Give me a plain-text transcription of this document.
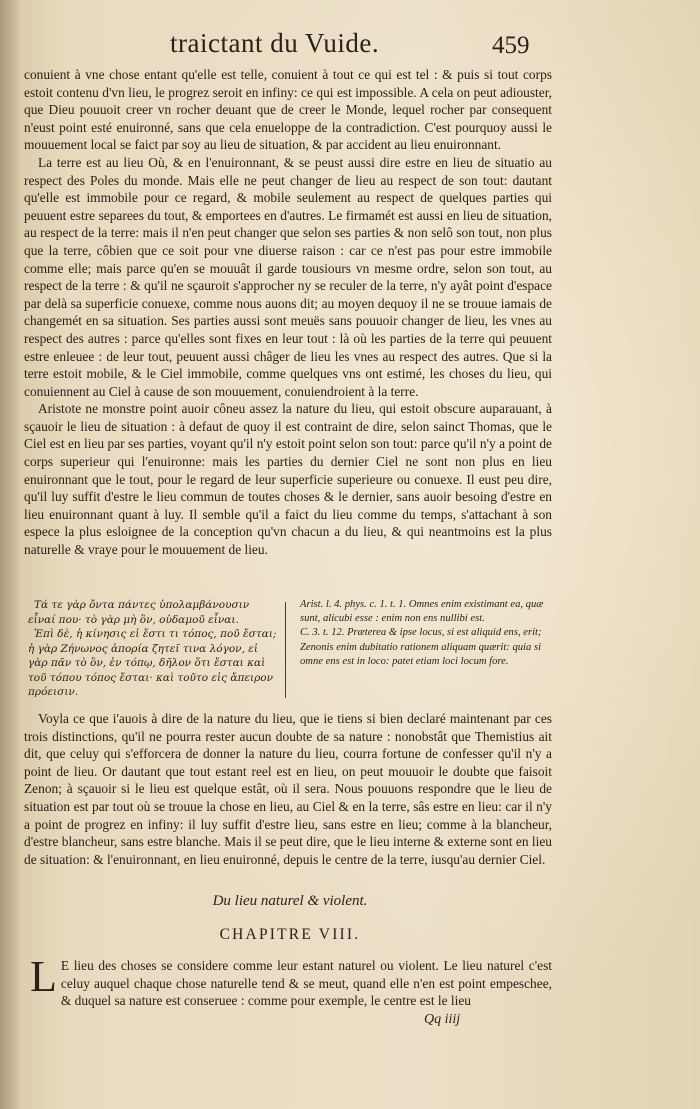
traictant du Vuide.	459

conuient à vne chose entant qu'elle est telle, conuient à tout ce qui est tel : & puis si tout corps estoit contenu d'vn lieu, le progrez seroit en infiny: ce qui est impossible. A cela on peut adiouster, que Dieu pouuoit creer vn rocher deuant que de creer le Monde, lequel rocher par consequent n'eust point esté enuironné, sans que cela enueloppe de la contradiction. C'est pourquoy aussi le mouuement local se faict par soy au lieu de situation, & par accident au lieu enuironnant.

La terre est au lieu Où, & en l'enuironnant, & se peust aussi dire estre en lieu de situatio au respect des Poles du monde. Mais elle ne peut changer de lieu au respect de son tout: dautant qu'elle est immobile pour ce regard, & mobile seulement au respect de quelques parties qui peuuent estre separees du tout, & emportees en d'autres. Le firmamét est aussi en lieu de situation, au respect de la terre: mais il n'en peut changer que selon ses parties & non selô son tout, non plus que la terre, côbien que ce soit pour vne diuerse raison : car ce n'est pas pour estre immobile comme elle; mais parce qu'en se mouuât il garde tousiours vn mesme ordre, selon son tout, au respect de la terre : & qu'il ne sçauroit s'approcher ny se reculer de la terre, n'y ayât point d'espace par delà sa superficie conuexe, comme nous auons dit; au moyen dequoy il ne se trouue iamais de changemét en sa situation. Ses parties aussi sont meuës sans pouuoir changer de lieu, les vnes au respect des autres : parce qu'elles sont fixes en leur tout : là où les parties de la terre qui peuuent estre enleuee : de leur tout, peuuent aussi châger de lieu les vnes au respect des autres. Que si la terre estoit mobile, & le Ciel immobile, comme quelques vns ont estimé, les choses du lieu, qui conuiennent au Ciel à cause de son mouuement, conuiendroient à la terre.

Aristote ne monstre point auoir côneu assez la nature du lieu, qui estoit obscure auparauant, à sçauoir le lieu de situation : à defaut de quoy il est contraint de dire, selon sainct Thomas, que le Ciel est en lieu par ses parties, voyant qu'il n'y estoit point selon son tout: parce qu'il n'y a point de corps superieur qui l'enuironne: mais les parties du dernier Ciel ne sont non plus en lieu enuironnant que le tout, pour le regard de leur superficie superieure ou conuexe. Il eust peu dire, qu'il luy suffit d'estre le lieu commun de toutes choses & le dernier, sans auoir besoing d'estre en lieu enuironnant quant à luy. Il semble qu'il a faict du lieu comme du temps, s'attachant à son espece la plus esloignee de la conception qu'vn chacun a du lieu, & qui neantmoins est la plus naturelle & vraye pour le mouuement de lieu.

Τά τε γὰρ ὄντα πάντες ὑπολαμβάνουσιν εἶναί που· τὸ γὰρ μὴ ὂν, οὐδαμοῦ εἶναι.

Ἐπὶ δὲ, ἡ κίνησις εἰ ἔστι τι τόπος, ποῦ ἔσται; ἡ γὰρ Ζήνωνος ἀπορία ζητεῖ τινα λόγον, εἰ γὰρ πᾶν τὸ ὂν, ἐν τόπῳ, δῆλον ὅτι ἔσται καὶ τοῦ τόπου τόπος ἔσται· καὶ τοῦτο εἰς ἄπειρον πρόεισιν.

Arist. l. 4. phys. c. 1. t. 1. Omnes enim existimant ea, quæ sunt, alicubi esse : enim non ens nullibi est.

C. 3. t. 12. Præterea & ipse locus, si est aliquid ens, erit; Zenonis enim dubitatio rationem aliquam quærit: quia si omne ens est in loco: patet etiam loci locum fore.

Voyla ce que i'auois à dire de la nature du lieu, que ie tiens si bien declaré maintenant par ces trois distinctions, qu'il ne pourra rester aucun doubte de sa nature : nonobstât que Themistius ait dit, que celuy qui s'efforcera de donner la nature du lieu, courra fortune de confesser qu'il n'y a point de lieu. Or dautant que tout estant reel est en lieu, on peut mouuoir le doubte que faisoit Zenon; à sçauoir si le lieu est quelque estât, où il sera. Nous pouuons respondre que le lieu de situation est par tout où se trouue la chose en lieu, au Ciel & en la terre, sâs estre en lieu: car il n'y a point de progrez en infiny: il luy suffit d'estre lieu, sans estre en lieu; comme à la blancheur, d'estre blancheur, sans estre blanche. Mais il se peut dire, que le lieu interne & externe sont en lieu de situation: & l'enuironnant, en lieu enuironné, depuis le centre de la terre, iusqu'au dernier Ciel.

Du lieu naturel & violent.
CHAPITRE VIII.
L E lieu des choses se considere comme leur estant naturel ou violent. Le lieu naturel c'est celuy auquel chaque chose naturelle tend & se meut, quand elle n'en est point empeschee, & duquel sa nature est conseruee : comme pour exemple, le centre est le lieu

Qq iiij
